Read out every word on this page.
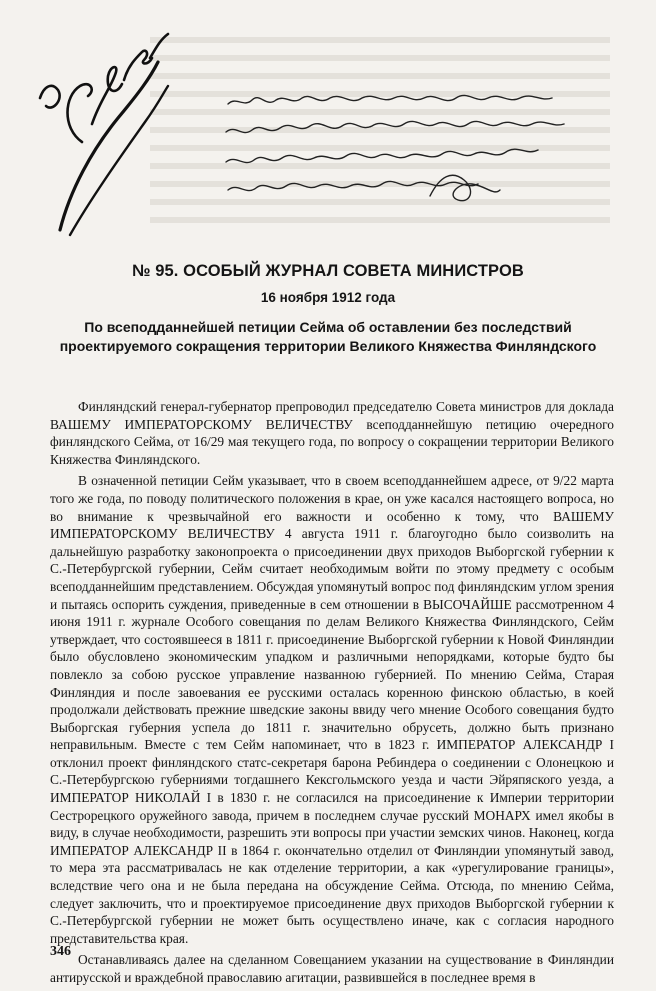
№ 95. ОСОБЫЙ ЖУРНАЛ СОВЕТА МИНИСТРОВ
16 ноября 1912 года
По всеподданнейшей петиции Сейма об оставлении без последствий проектируемого сокращения территории Великого Княжества Финляндского

Финляндский генерал-губернатор препроводил председателю Совета министров для доклада ВАШЕМУ ИМПЕРАТОРСКОМУ ВЕЛИЧЕСТВУ всеподданнейшую петицию очередного финляндского Сейма, от 16/29 мая текущего года, по вопросу о сокращении территории Великого Княжества Финляндского.

В означенной петиции Сейм указывает, что в своем всеподданнейшем адресе, от 9/22 марта того же года, по поводу политического положения в крае, он уже касался настоящего вопроса, но во внимание к чрезвычайной его важности и особенно к тому, что ВАШЕМУ ИМПЕРАТОРСКОМУ ВЕЛИЧЕСТВУ 4 августа 1911 г. благоугодно было соизволить на дальнейшую разработку законопроекта о присоединении двух приходов Выборгской губернии к С.-Петербургской губернии, Сейм считает необходимым войти по этому предмету с особым всеподданнейшим представлением. Обсуждая упомянутый вопрос под финляндским углом зрения и пытаясь оспорить суждения, приведенные в сем отношении в ВЫСОЧАЙШЕ рассмотренном 4 июня 1911 г. журнале Особого совещания по делам Великого Княжества Финляндского, Сейм утверждает, что состоявшееся в 1811 г. присоединение Выборгской губернии к Новой Финляндии было обусловлено экономическим упадком и различными непорядками, которые будто бы повлекло за собою русское управление названною губернией. По мнению Сейма, Старая Финляндия и после завоевания ее русскими осталась коренною финскою областью, в коей продолжали действовать прежние шведские законы ввиду чего мнение Особого совещания будто Выборгская губерния успела до 1811 г. значительно обрусеть, должно быть признано неправильным. Вместе с тем Сейм напоминает, что в 1823 г. ИМПЕРАТОР АЛЕКСАНДР I отклонил проект финляндского статс-секретаря барона Ребиндера о соединении с Олонецкою и С.-Петербургскою губерниями тогдашнего Кексгольмского уезда и части Эйряпяского уезда, а ИМПЕРАТОР НИКОЛАЙ I в 1830 г. не согласился на присоединение к Империи территории Сестрорецкого оружейного завода, причем в последнем случае русский МОНАРХ имел якобы в виду, в случае необходимости, разрешить эти вопросы при участии земских чинов. Наконец, когда ИМПЕРАТОР АЛЕКСАНДР II в 1864 г. окончательно отделил от Финляндии упомянутый завод, то мера эта рассматривалась не как отделение территории, а как «урегулирование границы», вследствие чего она и не была передана на обсуждение Сейма. Отсюда, по мнению Сейма, следует заключить, что и проектируемое присоединение двух приходов Выборгской губернии к С.-Петербургской губернии не может быть осуществлено иначе, как с согласия народного представительства края.

Останавливаясь далее на сделанном Совещанием указании на существование в Финляндии антирусской и враждебной православию агитации, развившейся в последнее время в

346
